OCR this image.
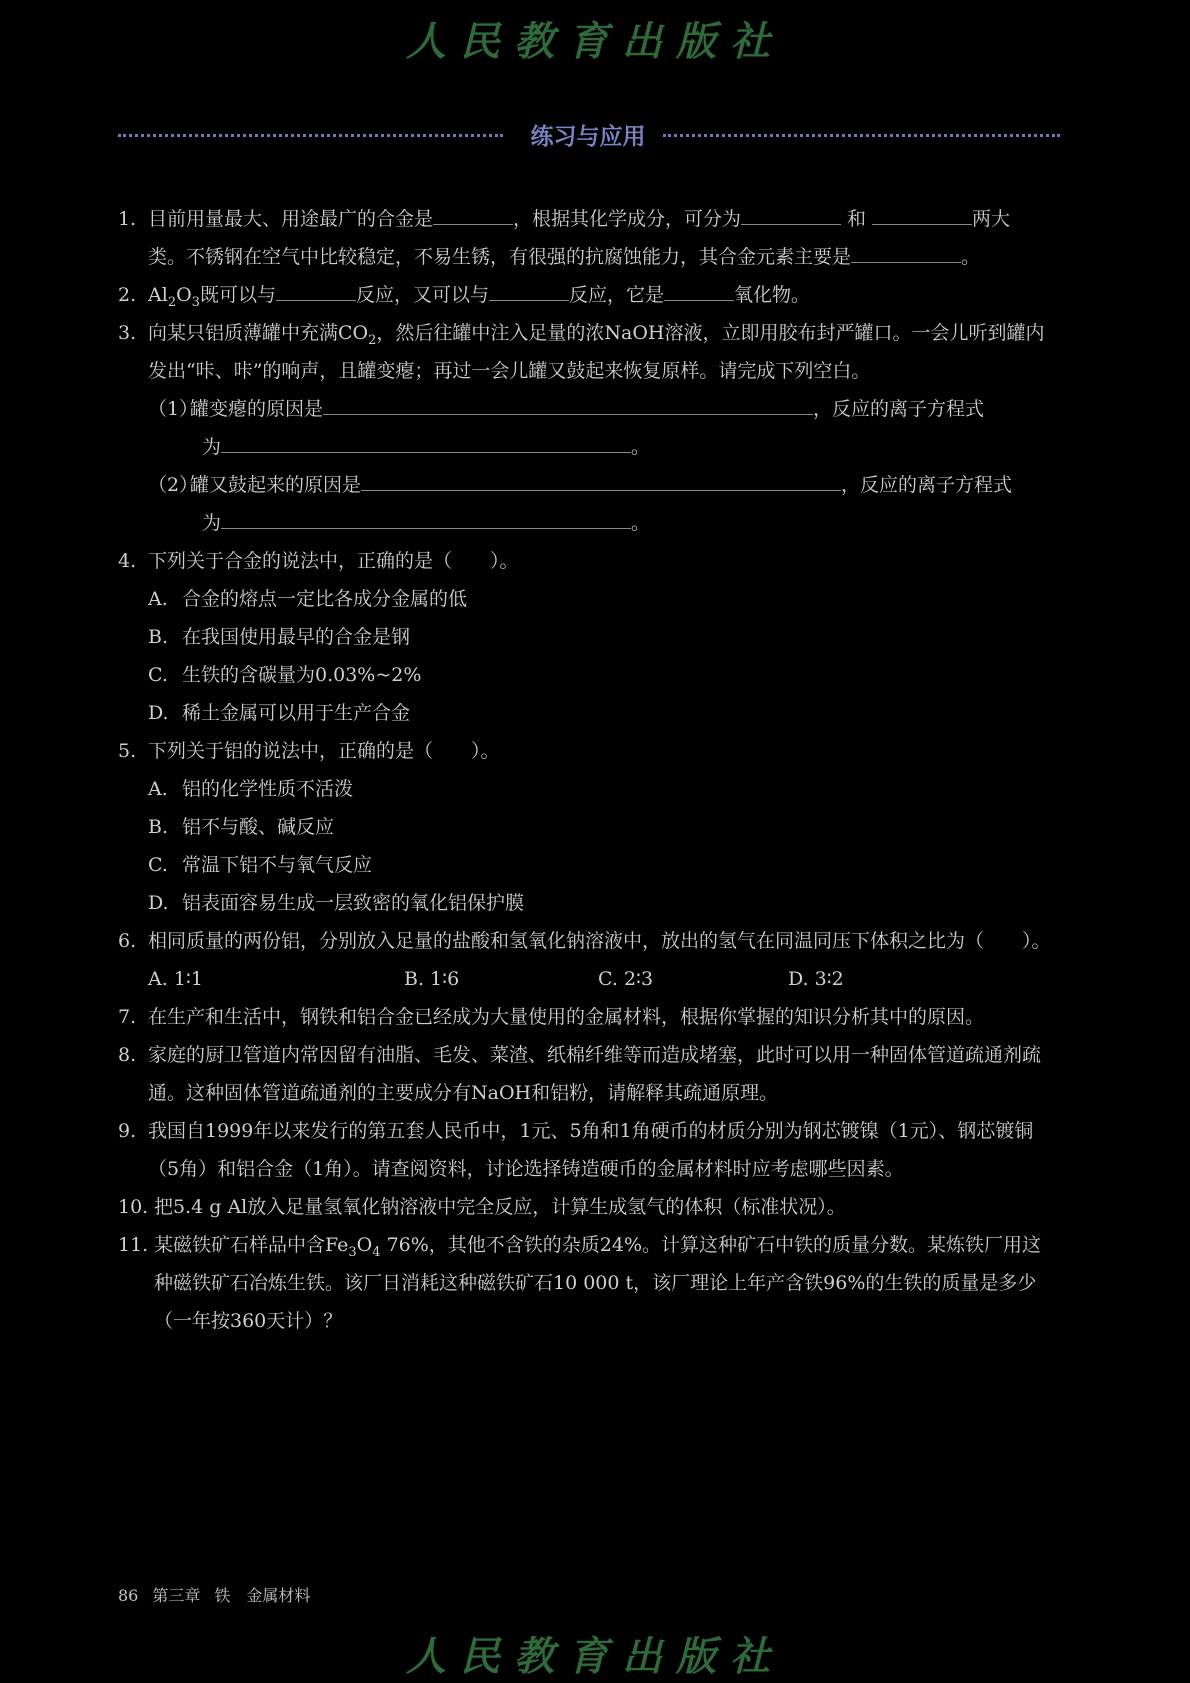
人民教育出版社
练习与应用
1. 目前用量最大、用途最广的合金是	，根据其化学成分，可分为	和	两大
类。不锈钢在空气中比较稳定，不易生锈，有很强的抗腐蚀能力，其合金元素主要是	。
2. $Al_2O_3$既可以与	反应，又可以与	反应，它是	氧化物。
3. 向某只铝质薄罐中充满$CO_2$，然后往罐中注入足量的浓NaOH溶液，立即用胶布封严罐口。一会儿听到罐内发出“咔、咔”的响声，且罐变瘪；再过一会儿罐又鼓起来恢复原样。请完成下列空白。
（1）
罐变瘪的原因是	，反应的离子方程式
为	。
（2）
罐又鼓起来的原因是	，反应的离子方程式
为	。
4. 下列关于合金的说法中，正确的是（　　）。
A. 合金的熔点一定比各成分金属的低
B. 在我国使用最早的合金是钢
C. 生铁的含碳量为0.03%~2%
D. 稀土金属可以用于生产合金
5. 下列关于铝的说法中，正确的是（　　）。
A. 铝的化学性质不活泼
B. 铝不与酸、碱反应
C. 常温下铝不与氧气反应
D. 铝表面容易生成一层致密的氧化铝保护膜
6. 相同质量的两份铝，分别放入足量的盐酸和氢氧化钠溶液中，放出的氢气在同温同压下体积之比为（　　）。
A. 1∶1	B. 1∶6	C. 2∶3	D. 3∶2
7. 在生产和生活中，钢铁和铝合金已经成为大量使用的金属材料，根据你掌握的知识分析其中的原因。
8. 家庭的厨卫管道内常因留有油脂、毛发、菜渣、纸棉纤维等而造成堵塞，此时可以用一种固体管道疏通剂疏通。这种固体管道疏通剂的主要成分有NaOH和铝粉，请解释其疏通原理。
9. 我国自1999年以来发行的第五套人民币中，1元、5角和1角硬币的材质分别为钢芯镀镍（1元）、钢芯镀铜（5角）和铝合金（1角）。请查阅资料，讨论选择铸造硬币的金属材料时应考虑哪些因素。
10. 把5.4 g Al放入足量氢氧化钠溶液中完全反应，计算生成氢气的体积（标准状况）。
11. 某磁铁矿石样品中含$Fe_3O_4$ 76%，其他不含铁的杂质24%。计算这种矿石中铁的质量分数。某炼铁厂用这种磁铁矿石冶炼生铁。该厂日消耗这种磁铁矿石10 000 t，该厂理论上年产含铁96%的生铁的质量是多少（一年按360天计）？
86 第三章 铁　金属材料
人民教育出版社
